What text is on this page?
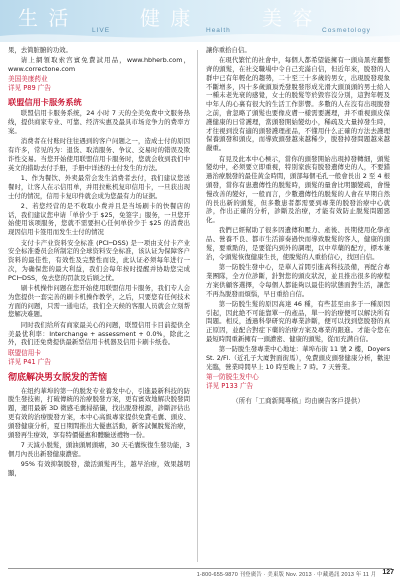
生 活	健 康	美 容
LIVE	Health	Cosmetology

果，去简脏腑的功效。

请上網領取索宫賓免費試用品，www.hbherb.com，www.correctone.com

美国美康药业
详见 P89 广告
联盟信用卡服务系统

联盟信用卡服务系统，24 小时 7 天的全美免费中文服务热线，提供商家专业、可靠、经济实惠及最具市场竞争力的费率方案。

消费者在付账时往往遇到的客户问题之一，造成士付的原因有许多，常见的为：退货、取消服务、争议、交易时的错误及欺诈性交易。当您开始使用联盟信用卡服务时，您就会收到我们中英文的措助去付手册，手册中详述的士付发生的方法。

1、作为餐饮、外卖最常会发生消费者去付，我们建议您送餐时，让客人在示信用单，并用拉帐机复印信用卡，一旦获出现士付的情况，信用卡复印件就会成为您最有力的证据。

2、若您经营的是不收取小费并且是当场刷卡的快餐店的话，我们建议您申请「单价少于 $25，免签字」服务，一旦您开始使用该项服务，您就不需要担心任何单价少于 $25 的消费出现因信用卡签用而发生士付的情况

支付卡产业资料安全标准 (PCI─DSS) 是一项由支付卡产业安全标准委员会所制定的全球资料安全标准，该认证为保障客户资料的最佳性，有效性及完整性而设，此认证必须每年进行一次，为确保您的最大利益，我们会每年按时提醒并协助您完成 PCI─DSS，免去您的罚款及后顾之忧。

刷卡机操作问题在您开始使用联盟信用卡服务，我们专人会为您提供一套完善的刷卡机操作教学，之后，只要您有任何技术方面的问题，只需一通电话，我们全天候的客服人员就会立刻帮您解决难题。

同时我们给所有商家最关心的问题，联盟信用卡目前提供全美最优利率：Interchange + assessment + 0.0%，除此之外，我们还免费提供最新型信用卡机器及信用卡刷卡纸卷。

联盟信用卡
详见 P41 广告
彻底解决男女脱发的苦恼

在纽约華埠的第一的脱发专业養发中心，引進最新科技的防脱生發技術，打破傳統的治療脱發方案，更有賓效地解决脱發問題，運用最新 3D 微感毛囊掃描儀，找出脱發根源，診斷評估出更有效的治療脱發方案，本中心高級專家提供免費毛囊、頭皮、頭發健康分析，夏日期間推出大優惠活動，新客試佩脫髮治療，頭發再生療效，享有特價優惠和體驗送禮物一份。

7 天減小脱髮，頭油頭屑頭癢，30 天毛囊恢復生發功能，3 個月內長出新發健康濃密。

95% 有效抑制脱發，激活頭髮再生，越早治療，效果越明顯，

讓你重拾自信。

在現代繁忙的社會中，每個人都希望能擁有一頭烏黑亮麗整齊的頭髮，在社交職場中令自己充滿自信，但近年來，脱發的人群中已有年輕化的趨勢，二十至三十多歲的男女，出現脱發現象不斷增多，四十多歲頭頂禿發脫發形成光滑大頭頂頭的男士給人一種未老先衰的感覺，女士的脱髮等於毀容沒分別，這對年輕及中年人的心裏有很大的生活工作影響。多數的人在沒有出現脱發之前，會忽略了頭髮也要像皮膚一樣需要護理，并不重視頭皮保護健康的日常護理，當頭發開始變幼小，稀疏及大量掉發生時，才往視到没有適的頭發護理產品，不懂用什么正確的方法去護理保養頭發和頭皮，而導致頭發越來越稀少，脱發掉發問題越來越嚴重。

有見及此本中心極示，當你的頭發開始出現掉發轉細，頭髮變幼中，必须要立即重視，特別家族有脱發遺傳史的人，不要錯過治療脱發的最佳黃金時間，頭部每個毛孔一般會長出 2 至 4 根頭發，當你有患遺傳性的脱髮時，頭髮的量會比明顯變疏，會慢慢改善的變好，一般而言，少數遺傳性的脱髮的人會在早期自然的長出新的頭髮，但多數患者都需要到專業的脱發治療中心就診，作出正確的分析，診斷及治療，才能有效防止脱髮問題惡化。

我們已經幫助了很多因遺傳和壓力、產後、長期使用化學產品、營養不良、都市生活節奏過快而導致脫髮的客人，健康的頭髮，要重點的，是要從内到外的調理，以中草藥的配方，標本兼治，令頭髮恢復健康生長，使脫髮的人重拾信心，找回自信。

第一防脱生發中心，是華人首間引進高科技設備，再配合專業團隊，全方位診斷，針對您的頭皮狀況，並且推出很多的療程方案供顧客選擇，令每個人都能夠以最佳的狀態面對生活，讓您不再為脱發而煩惱，早日重拾自信。

第一防脱生髮的原因高達 46 種，有些甚至由多于一種原因引起，因此絶不可能靠單一的產品，單一的治療便可以解決所有問題。相反，透過科學研究的專業診斷，便可以找到您脱發的真正原因，並配合對症下藥的治療方案及專業的跟進。才能令您在最短時間重新擁有一頭濃密、健康的頭髮，從而充满自信。

第一防脱生發專業中心地址：華埠布街 11 號 2 樓，Doyers St. 2/Fl.（近孔子大廈對面街馬），免費頭皮頭發健康分析，歡迎光臨，營業時間早上 10 時至晚上 7 時。7 天營業。

第一防脱生发中心
详见 P133 广告
（所有「工商新聞專稿」均由廣告客戶提供）
1-800-655-9870 刊登廣告 · 美東版 Nov. 2013 · 中藏遇訊 2013 年 11 月 127
